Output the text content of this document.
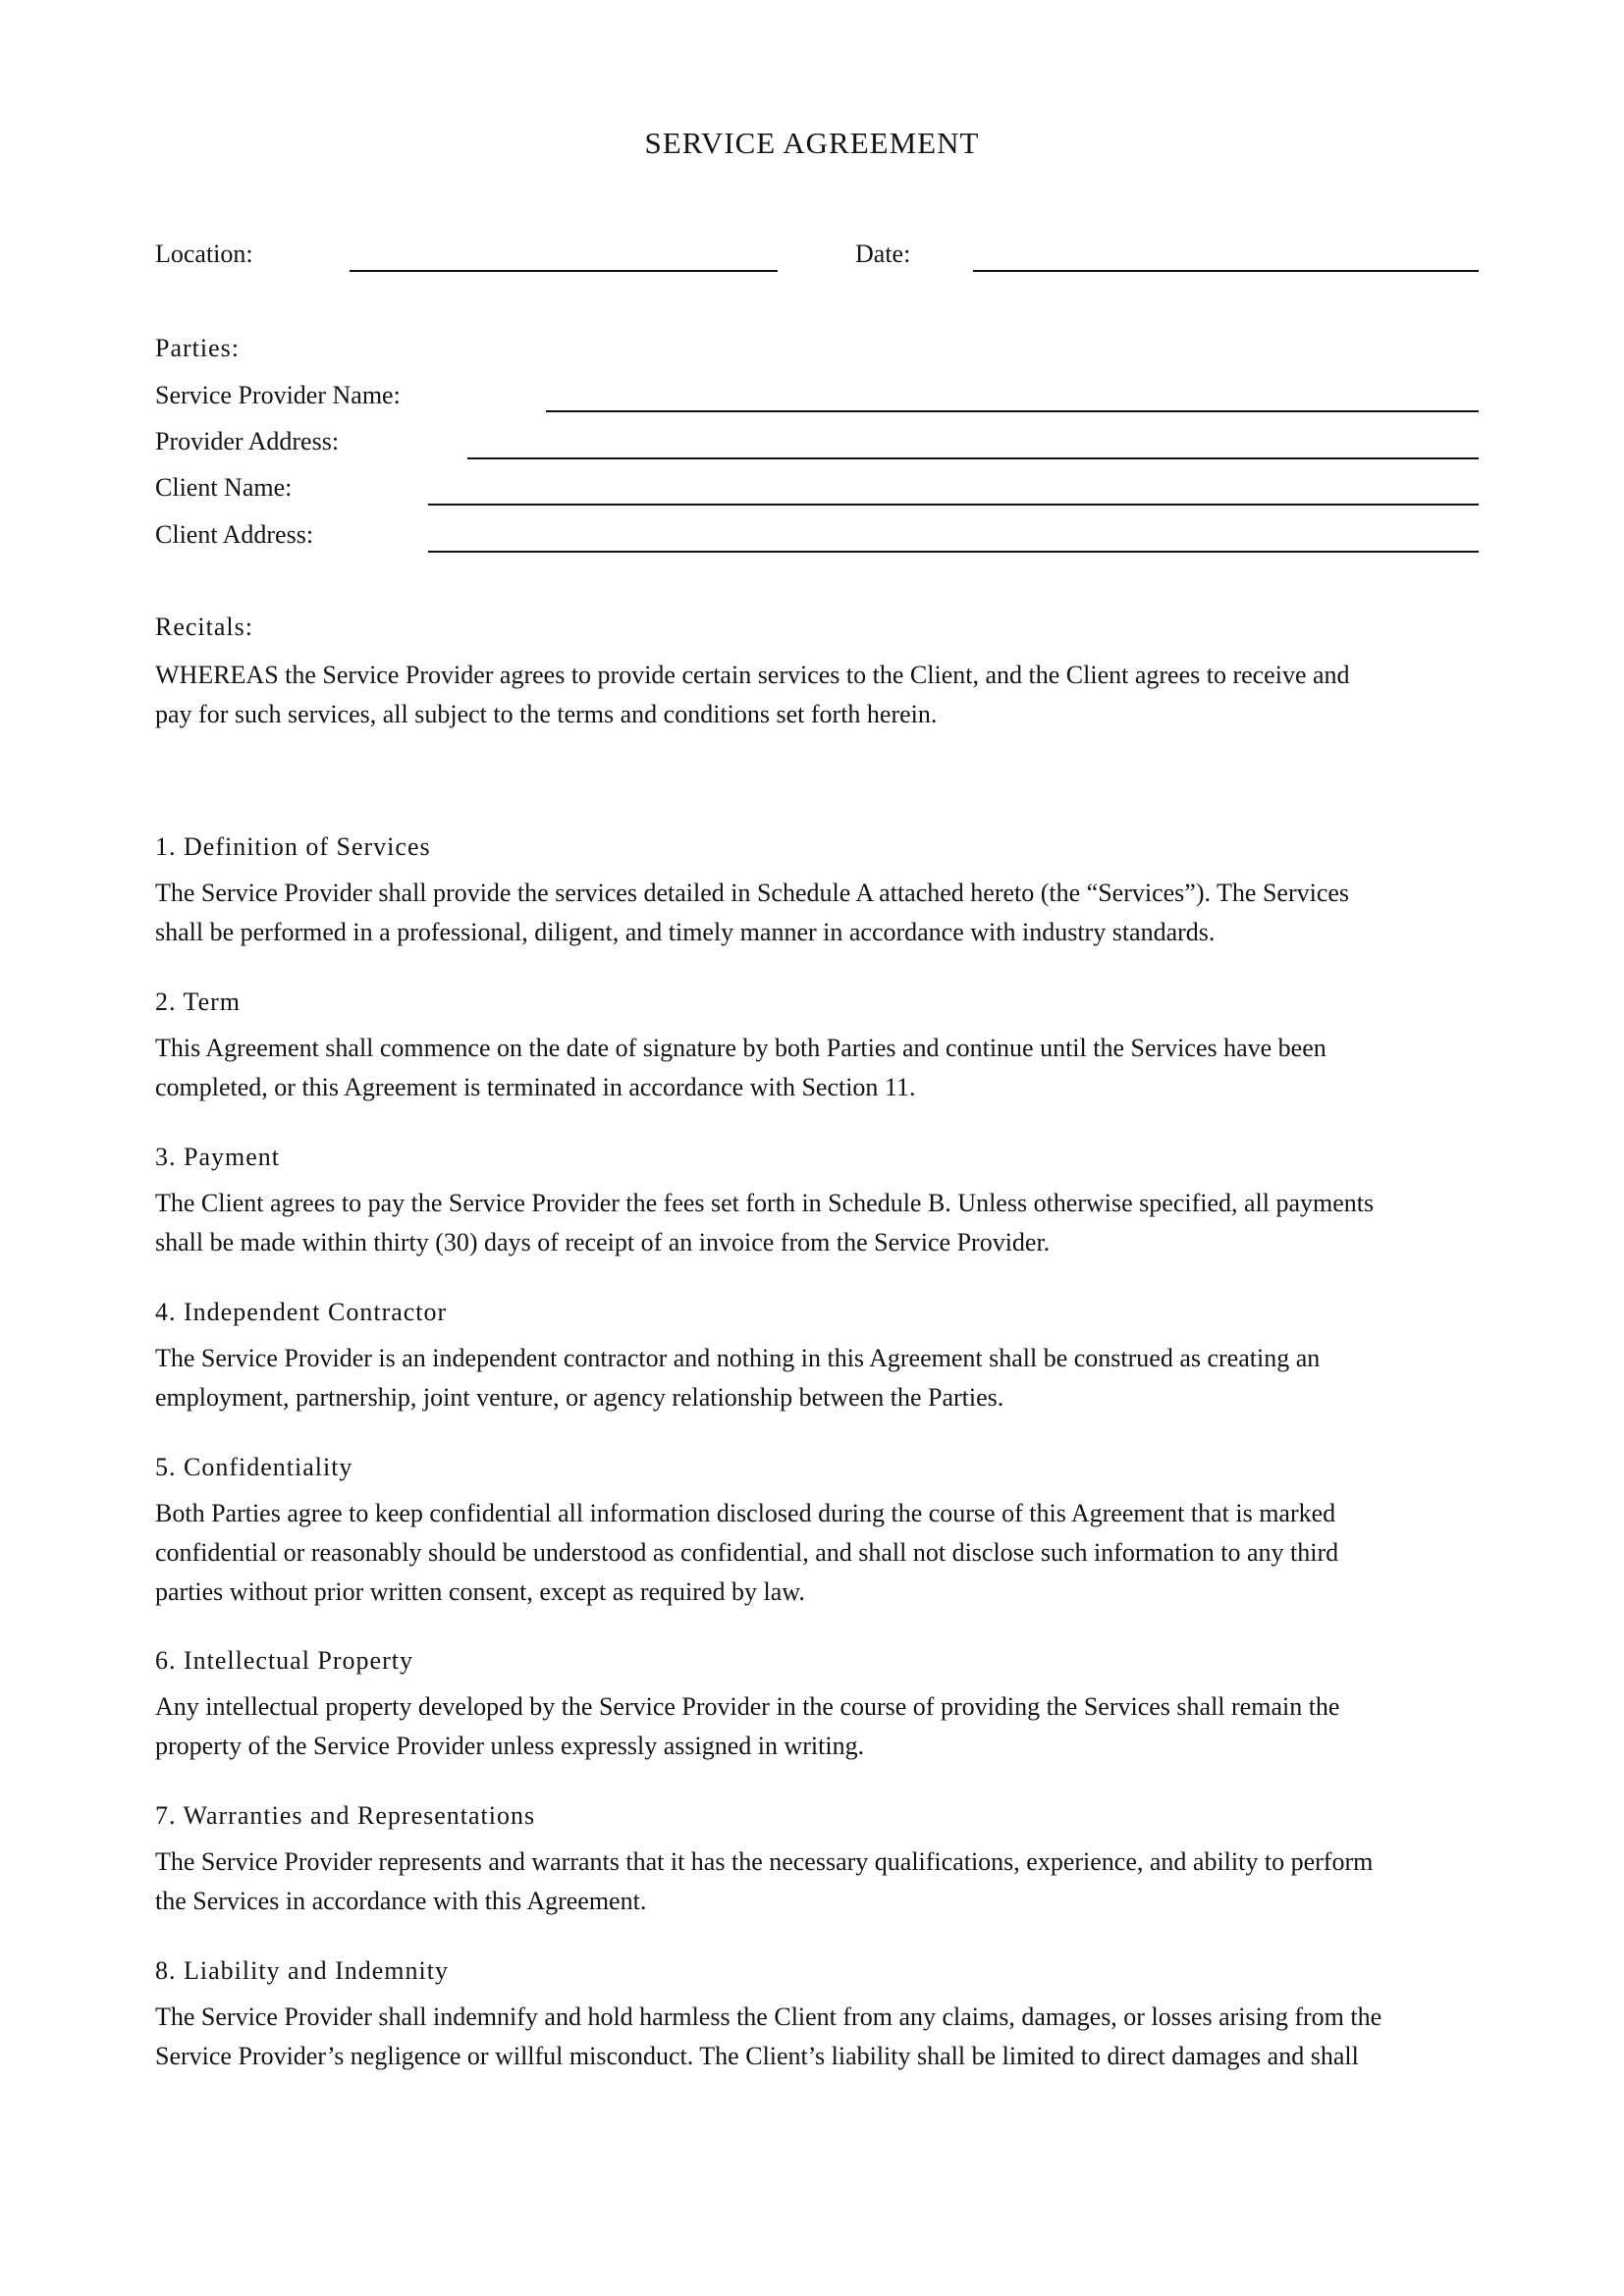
SERVICE AGREEMENT
Location:	Date:
Parties:
Service Provider Name:
Provider Address:
Client Name:
Client Address:
Recitals:
WHEREAS the Service Provider agrees to provide certain services to the Client, and the Client agrees to receive and
pay for such services, all subject to the terms and conditions set forth herein.
1. Definition of Services
The Service Provider shall provide the services detailed in Schedule A attached hereto (the “Services”). The Services
shall be performed in a professional, diligent, and timely manner in accordance with industry standards.
2. Term
This Agreement shall commence on the date of signature by both Parties and continue until the Services have been
completed, or this Agreement is terminated in accordance with Section 11.
3. Payment
The Client agrees to pay the Service Provider the fees set forth in Schedule B. Unless otherwise specified, all payments
shall be made within thirty (30) days of receipt of an invoice from the Service Provider.
4. Independent Contractor
The Service Provider is an independent contractor and nothing in this Agreement shall be construed as creating an
employment, partnership, joint venture, or agency relationship between the Parties.
5. Confidentiality
Both Parties agree to keep confidential all information disclosed during the course of this Agreement that is marked
confidential or reasonably should be understood as confidential, and shall not disclose such information to any third
parties without prior written consent, except as required by law.
6. Intellectual Property
Any intellectual property developed by the Service Provider in the course of providing the Services shall remain the
property of the Service Provider unless expressly assigned in writing.
7. Warranties and Representations
The Service Provider represents and warrants that it has the necessary qualifications, experience, and ability to perform
the Services in accordance with this Agreement.
8. Liability and Indemnity
The Service Provider shall indemnify and hold harmless the Client from any claims, damages, or losses arising from the
Service Provider’s negligence or willful misconduct. The Client’s liability shall be limited to direct damages and shall
